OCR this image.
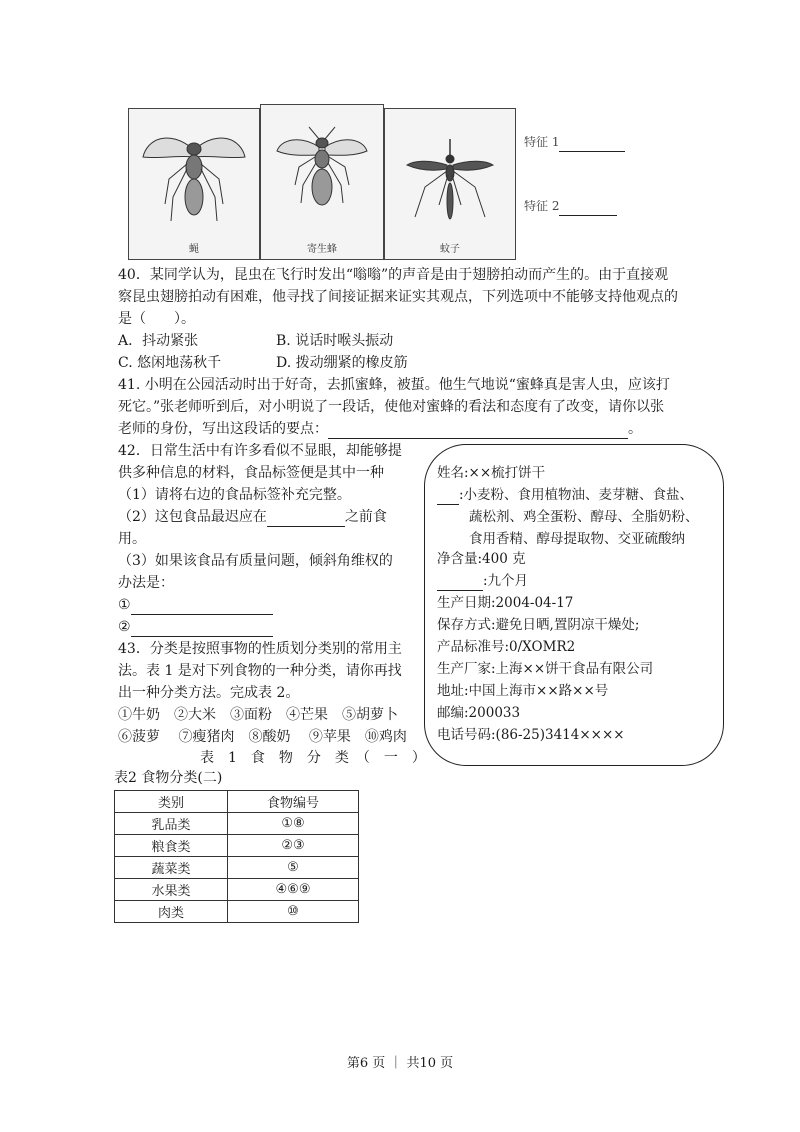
蝇	寄生蜂	蚊子
特征 1
特征 2
40．某同学认为，昆虫在飞行时发出“嗡嗡”的声音是由于翅膀拍动而产生的。由于直接观
察昆虫翅膀拍动有困难，他寻找了间接证据来证实其观点，下列选项中不能够支持他观点的
是（　　）。
A．抖动紧张	B. 说话时喉头振动
C. 悠闲地荡秋千	D. 拨动绷紧的橡皮筋
41. 小明在公园活动时出于好奇，去抓蜜蜂，被蜇。他生气地说“蜜蜂真是害人虫，应该打
死它。”张老师听到后，对小明说了一段话，使他对蜜蜂的看法和态度有了改变，请你以张
老师的身份，写出这段话的要点：	。
42．日常生活中有许多看似不显眼，却能够提
供多种信息的材料，食品标签便是其中一种
（1）请将右边的食品标签补充完整。
（2）这包食品最迟应在	之前食
用。
（3）如果该食品有质量问题，倾斜角维权的
办法是：
①
②
姓名:××梳打饼干
:小麦粉、食用植物油、麦芽糖、食盐、
蔬松剂、鸡全蛋粉、醇母、全脂奶粉、
食用香精、醇母提取物、交亚硫酸纳
净含量:400 克
:九个月
生产日期:2004-04-17
保存方式:避免日晒,置阴凉干燥处;
产品标准号:0/XOMR2
生产厂家:上海××饼干食品有限公司
地址:中国上海市××路××号
邮编:200033
电话号码:(86-25)3414××××
43．分类是按照事物的性质划分类别的常用主
法。表 1 是对下列食物的一种分类，请你再找
出一种分类方法。完成表 2。
①牛奶　②大米　③面粉　④芒果　⑤胡萝卜
⑥菠萝　 ⑦瘦猪肉　⑧酸奶　 ⑨苹果　⑩鸡肉
表　1　食　物　分　类　（　一　）
表2 食物分类(二)
类别	食物编号
乳品类	①⑧
粮食类	②③
蔬菜类	⑤
水果类	④⑥⑨
肉类	⑩
第6 页 ｜ 共10 页
